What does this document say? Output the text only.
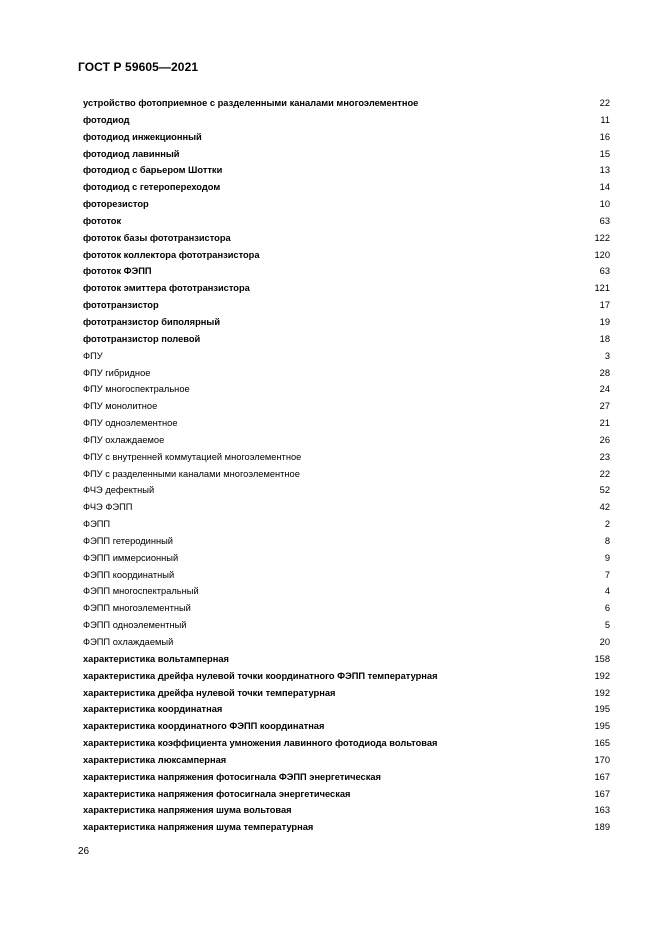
ГОСТ Р 59605—2021
устройство фотоприемное с разделенными каналами многоэлементное	22
фотодиод	11
фотодиод инжекционный	16
фотодиод лавинный	15
фотодиод с барьером Шоттки	13
фотодиод с гетеропереходом	14
фоторезистор	10
фототок	63
фототок базы фототранзистора	122
фототок коллектора фототранзистора	120
фототок ФЭПП	63
фототок эмиттера фототранзистора	121
фототранзистор	17
фототранзистор биполярный	19
фототранзистор полевой	18
ФПУ	3
ФПУ гибридное	28
ФПУ многоспектральное	24
ФПУ монолитное	27
ФПУ одноэлементное	21
ФПУ охлаждаемое	26
ФПУ с внутренней коммутацией многоэлементное	23
ФПУ с разделенными каналами многоэлементное	22
ФЧЭ дефектный	52
ФЧЭ ФЭПП	42
ФЭПП	2
ФЭПП гетеродинный	8
ФЭПП иммерсионный	9
ФЭПП координатный	7
ФЭПП многоспектральный	4
ФЭПП многоэлементный	6
ФЭПП одноэлементный	5
ФЭПП охлаждаемый	20
характеристика вольтамперная	158
характеристика дрейфа нулевой точки координатного ФЭПП температурная	192
характеристика дрейфа нулевой точки температурная	192
характеристика координатная	195
характеристика координатного ФЭПП координатная	195
характеристика коэффициента умножения лавинного фотодиода вольтовая	165
характеристика люксамперная	170
характеристика напряжения фотосигнала ФЭПП энергетическая	167
характеристика напряжения фотосигнала энергетическая	167
характеристика напряжения шума вольтовая	163
характеристика напряжения шума температурная	189
26
